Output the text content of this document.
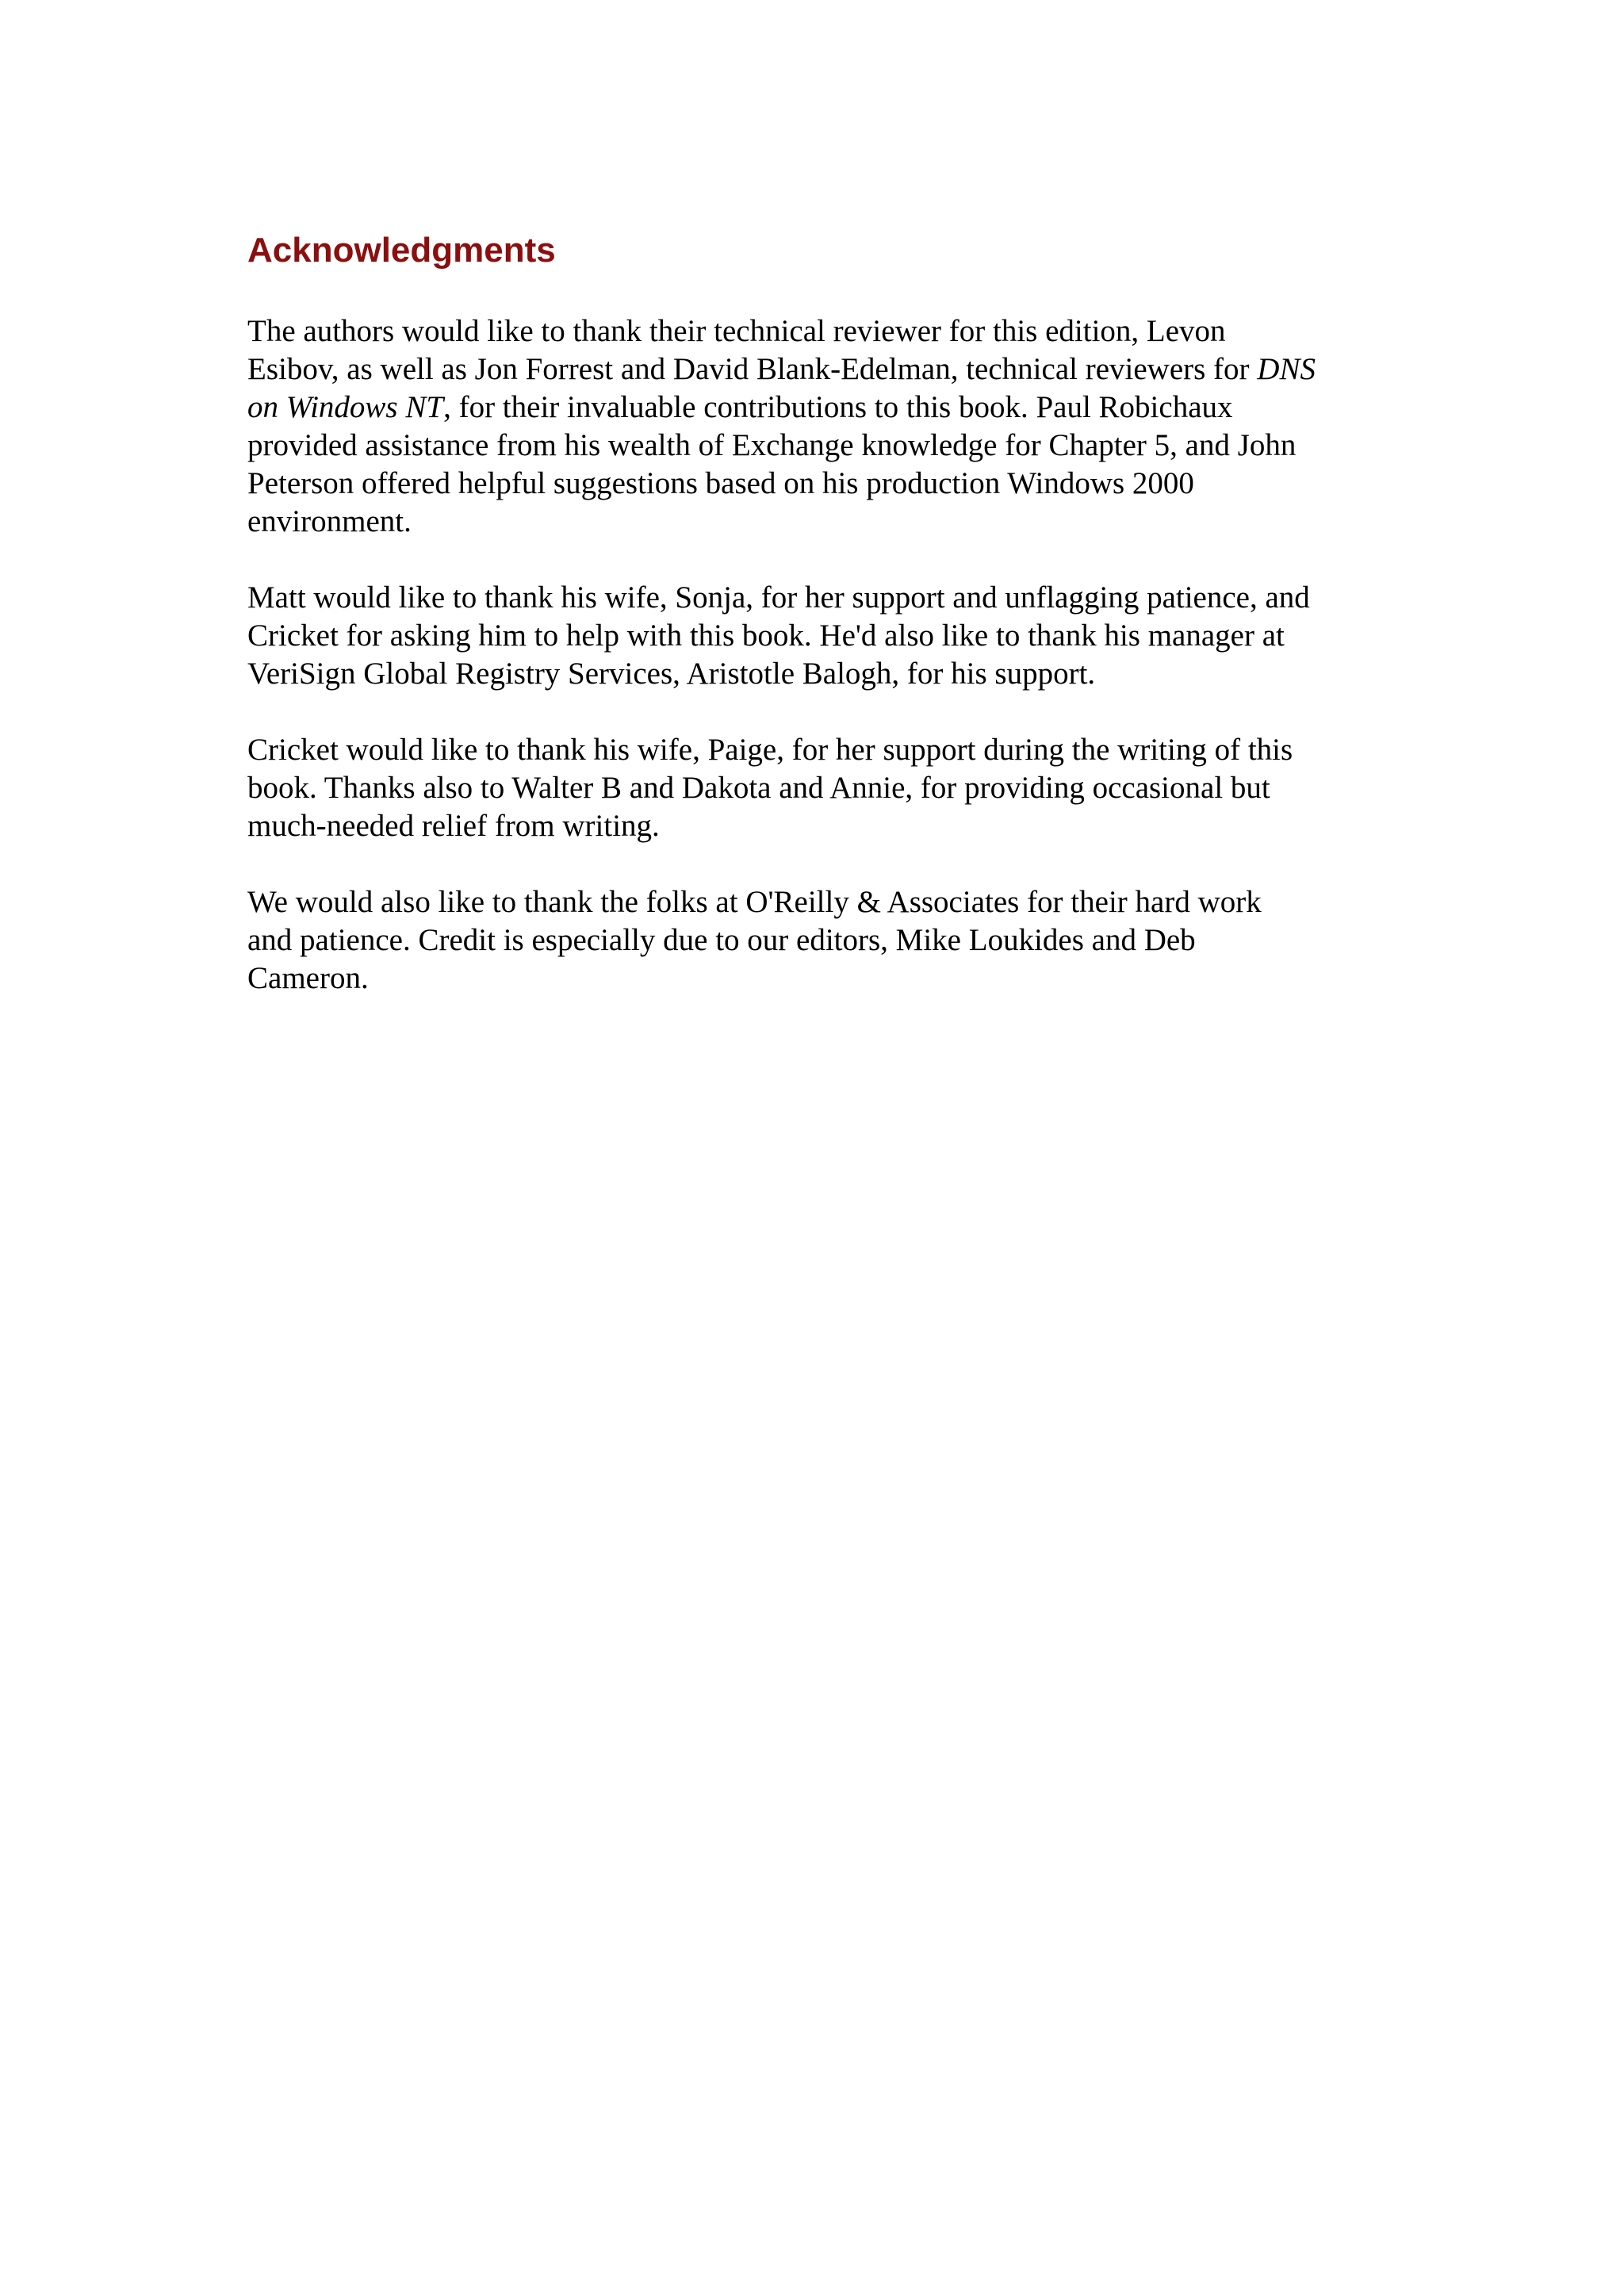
Acknowledgments

The authors would like to thank their technical reviewer for this edition, Levon
Esibov, as well as Jon Forrest and David Blank-Edelman, technical reviewers for DNS
on Windows NT, for their invaluable contributions to this book. Paul Robichaux
provided assistance from his wealth of Exchange knowledge for Chapter 5, and John
Peterson offered helpful suggestions based on his production Windows 2000
environment.

Matt would like to thank his wife, Sonja, for her support and unflagging patience, and
Cricket for asking him to help with this book. He'd also like to thank his manager at
VeriSign Global Registry Services, Aristotle Balogh, for his support.

Cricket would like to thank his wife, Paige, for her support during the writing of this
book. Thanks also to Walter B and Dakota and Annie, for providing occasional but
much-needed relief from writing.

We would also like to thank the folks at O'Reilly & Associates for their hard work
and patience. Credit is especially due to our editors, Mike Loukides and Deb
Cameron.
